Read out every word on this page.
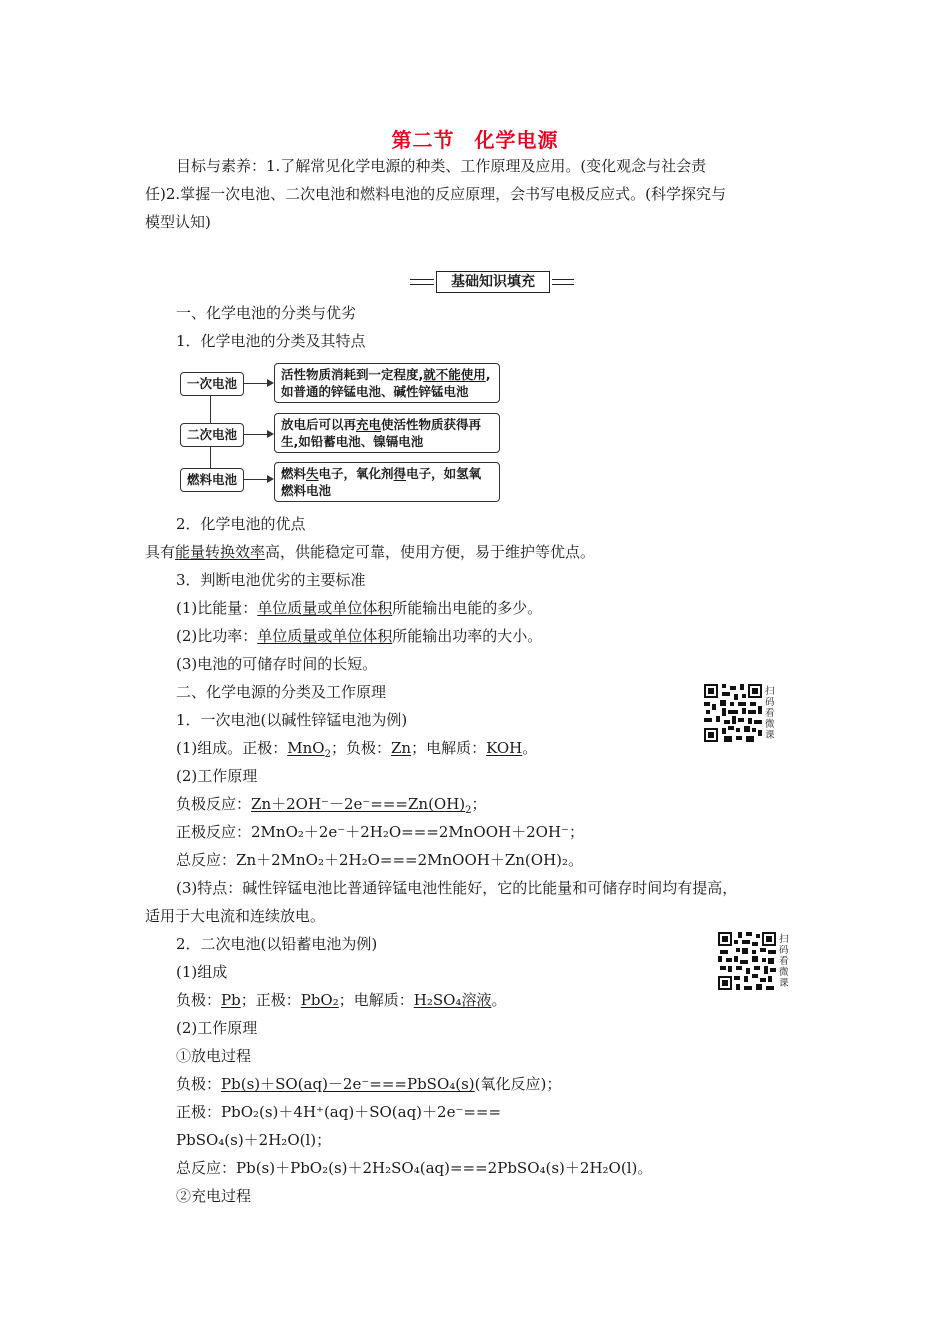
第二节 化学电源
目标与素养：1.了解常见化学电源的种类、工作原理及应用。(变化观念与社会责
任)2.掌握一次电池、二次电池和燃料电池的反应原理，会书写电极反应式。(科学探究与
模型认知)
基础知识填充
一、化学电池的分类与优劣
1．化学电池的分类及其特点
一次电池
二次电池
燃料电池
活性物质消耗到一定程度,就不能使用,
如普通的锌锰电池、碱性锌锰电池
放电后可以再充电使活性物质获得再
生,如铅蓄电池、镍镉电池
燃料失电子，氧化剂得电子，如氢氧
燃料电池
2．化学电池的优点
具有能量转换效率高，供能稳定可靠，使用方便，易于维护等优点。
3．判断电池优劣的主要标准
(1)比能量：单位质量或单位体积所能输出电能的多少。
(2)比功率：单位质量或单位体积所能输出功率的大小。
(3)电池的可储存时间的长短。
二、化学电源的分类及工作原理	扫码看微课
1．一次电池(以碱性锌锰电池为例)
(1)组成。正极：MnO$_2$；负极：Zn；电解质：KOH。
(2)工作原理
负极反应：$Zn+2OH^--2e^-===Zn(OH)_2$；
正极反应：2MnO₂＋2e⁻＋2H₂O===2MnOOH＋2OH⁻；
总反应：Zn＋2MnO₂＋2H₂O===2MnOOH＋Zn(OH)₂。
(3)特点：碱性锌锰电池比普通锌锰电池性能好，它的比能量和可储存时间均有提高，
适用于大电流和连续放电。
扫码看微课
2．二次电池(以铅蓄电池为例)
(1)组成
负极：Pb；正极：PbO₂；电解质：H₂SO₄溶液。
(2)工作原理
①放电过程
负极：Pb(s)＋SO(aq)－2e⁻===PbSO₄(s)(氧化反应)；
正极：PbO₂(s)＋4H⁺(aq)＋SO(aq)＋2e⁻===
PbSO₄(s)＋2H₂O(l)；
总反应：Pb(s)＋PbO₂(s)＋2H₂SO₄(aq)===2PbSO₄(s)＋2H₂O(l)。
②充电过程
